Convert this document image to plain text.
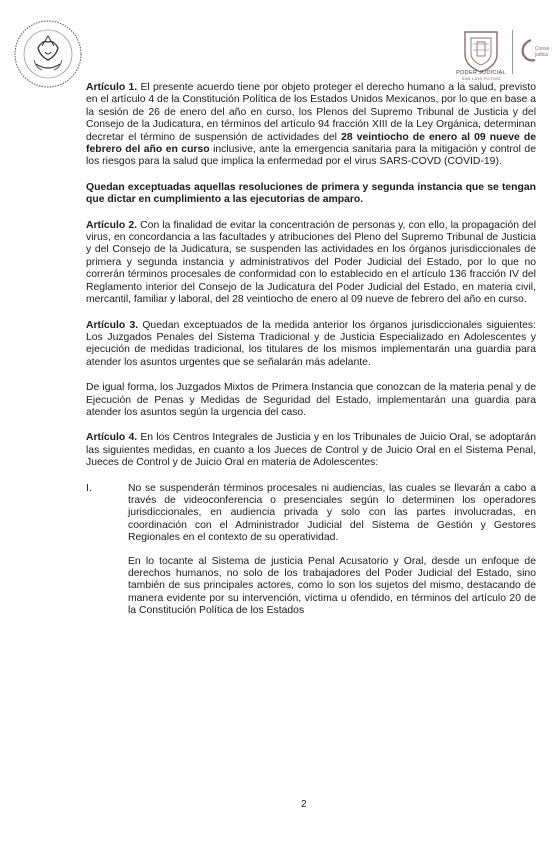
PODER JUDICIAL
SAN LUIS POTOSÍ
Conse
judica

Artículo 1. El presente acuerdo tiene por objeto proteger el derecho humano a la salud, previsto en el artículo 4 de la Constitución Política de los Estados Unidos Mexicanos, por lo que en base a la sesión de 26 de enero del año en curso, los Plenos del Supremo Tribunal de Justicia y del Consejo de la Judicatura, en términos del artículo 94 fracción XIII de la Ley Orgánica, determinan decretar el término de suspensión de actividades del 28 veintiocho de enero al 09 nueve de febrero del año en curso inclusive, ante la emergencia sanitaria para la mitigación y control de los riesgos para la salud que implica la enfermedad por el virus SARS-COVD (COVID-19).

Quedan exceptuadas aquellas resoluciones de primera y segunda instancia que se tengan que dictar en cumplimiento a las ejecutorias de amparo.

Artículo 2. Con la finalidad de evitar la concentración de personas y, con ello, la propagación del virus, en concordancia a las facultades y atribuciones del Pleno del Supremo Tribunal de Justicia y del Consejo de la Judicatura, se suspenden las actividades en los órganos jurisdiccionales de primera y segunda instancia y administrativos del Poder Judicial del Estado, por lo que no correrán términos procesales de conformidad con lo establecido en el artículo 136 fracción IV del Reglamento interior del Consejo de la Judicatura del Poder Judicial del Estado, en materia civil, mercantil, familiar y laboral, del 28 veintiocho de enero al 09 nueve de febrero del año en curso.

Artículo 3. Quedan exceptuados de la medida anterior los órganos jurisdiccionales siguientes: Los Juzgados Penales del Sistema Tradicional y de Justicia Especializado en Adolescentes y ejecución de medidas tradicional, los titulares de los mismos implementarán una guardia para atender los asuntos urgentes que se señalarán más adelante.

De igual forma, los Juzgados Mixtos de Primera Instancia que conozcan de la materia penal y de Ejecución de Penas y Medidas de Seguridad del Estado, implementarán una guardia para atender los asuntos según la urgencia del caso.

Artículo 4. En los Centros Integrales de Justicia y en los Tribunales de Juicio Oral, se adoptarán las siguientes medidas, en cuanto a los Jueces de Control y de Juicio Oral en el Sistema Penal, Jueces de Control y de Juicio Oral en materia de Adolescentes:

I.	No se suspenderán términos procesales ni audiencias, las cuales se llevarán a cabo a través de videoconferencia o presenciales según lo determinen los operadores jurisdiccionales, en audiencia privada y solo con las partes involucradas, en coordinación con el Administrador Judicial del Sistema de Gestión y Gestores Regionales en el contexto de su operatividad.

En lo tocante al Sistema de justicia Penal Acusatorio y Oral, desde un enfoque de derechos humanos, no solo de los trabajadores del Poder Judicial del Estado, sino también de sus principales actores, como lo son los sujetos del mismo, destacando de manera evidente por su intervención, víctima u ofendido, en términos del artículo 20 de la Constitución Política de los Estados

2
